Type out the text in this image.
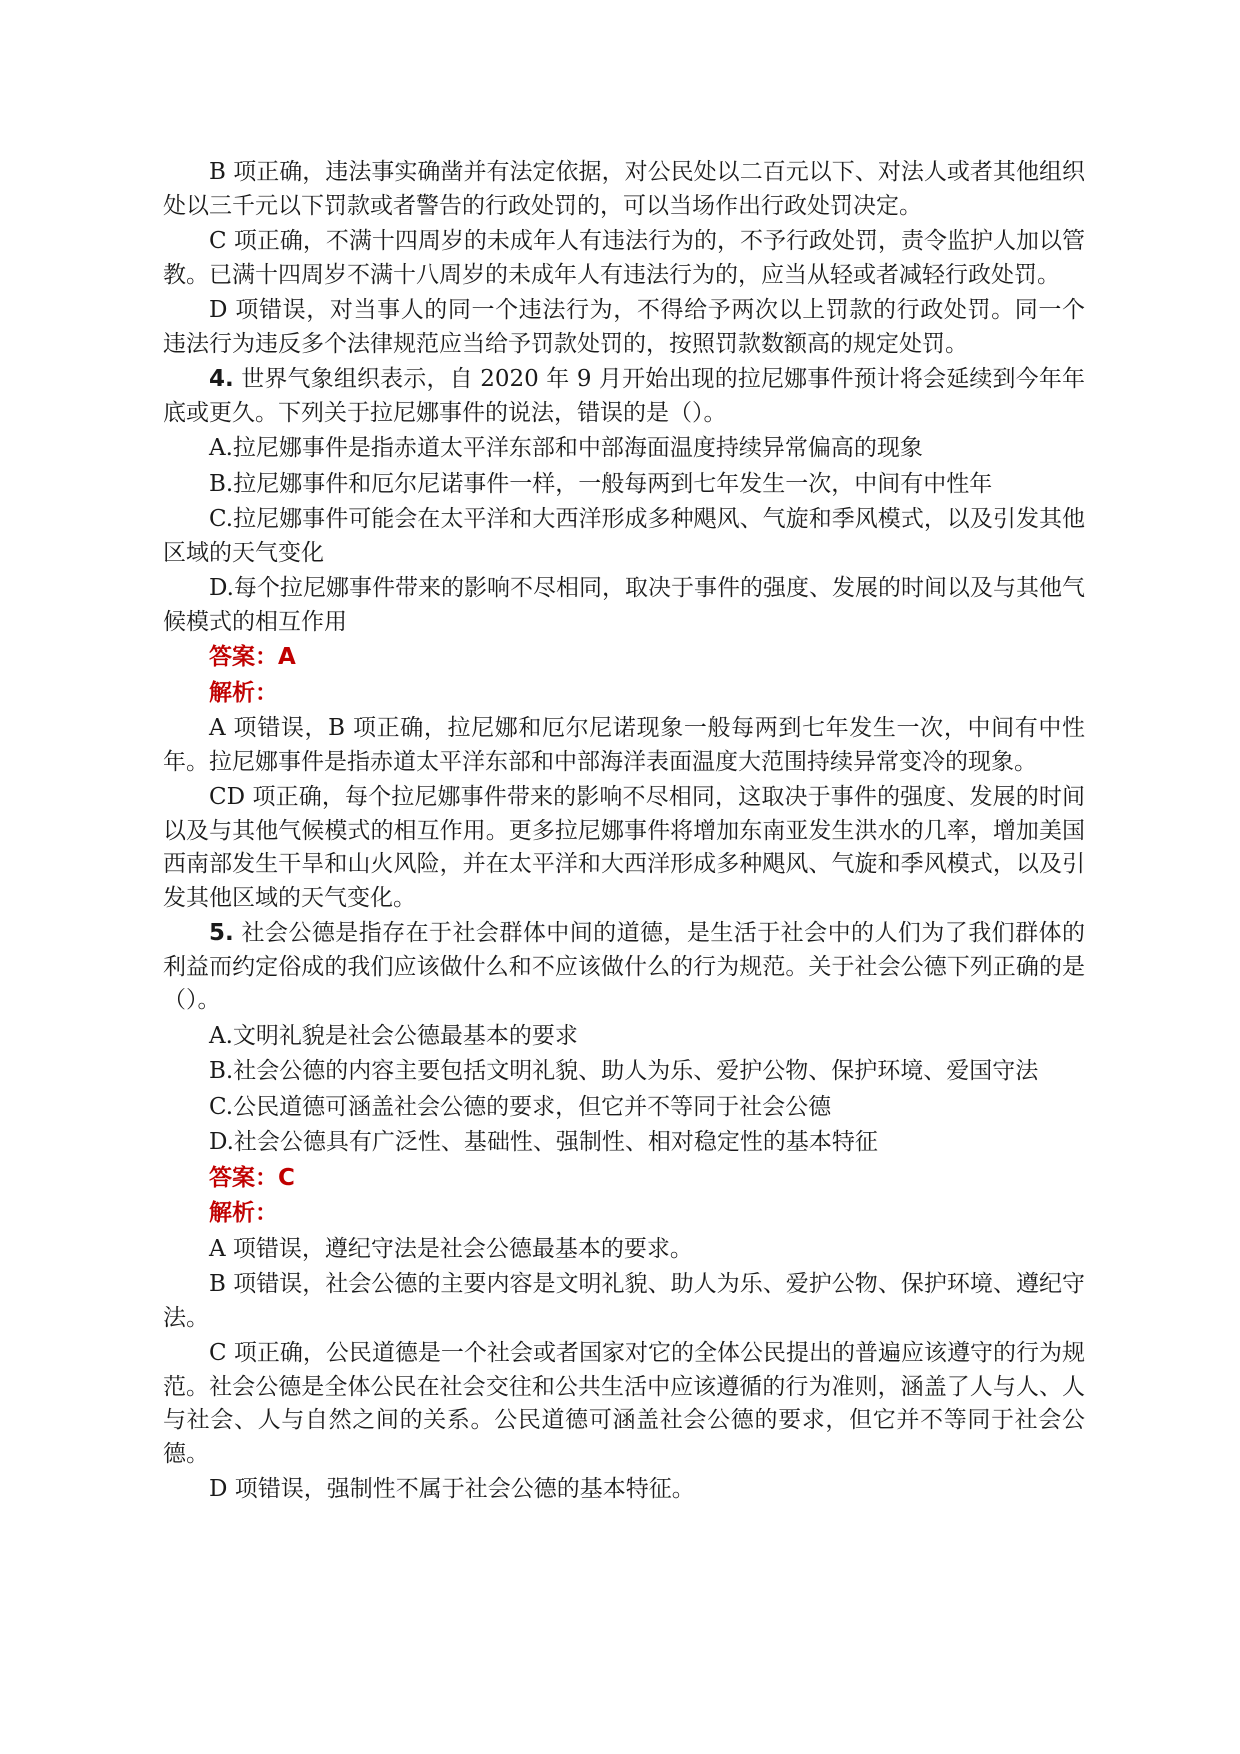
B 项正确，违法事实确凿并有法定依据，对公民处以二百元以下、对法人或者其他组织处以三千元以下罚款或者警告的行政处罚的，可以当场作出行政处罚决定。

C 项正确，不满十四周岁的未成年人有违法行为的，不予行政处罚，责令监护人加以管教。已满十四周岁不满十八周岁的未成年人有违法行为的，应当从轻或者减轻行政处罚。

D 项错误，对当事人的同一个违法行为，不得给予两次以上罚款的行政处罚。同一个违法行为违反多个法律规范应当给予罚款处罚的，按照罚款数额高的规定处罚。

4. 世界气象组织表示，自 2020 年 9 月开始出现的拉尼娜事件预计将会延续到今年年底或更久。下列关于拉尼娜事件的说法，错误的是（）。

A.拉尼娜事件是指赤道太平洋东部和中部海面温度持续异常偏高的现象

B.拉尼娜事件和厄尔尼诺事件一样，一般每两到七年发生一次，中间有中性年

C.拉尼娜事件可能会在太平洋和大西洋形成多种飓风、气旋和季风模式，以及引发其他区域的天气变化

D.每个拉尼娜事件带来的影响不尽相同，取决于事件的强度、发展的时间以及与其他气候模式的相互作用

答案：A

解析：

A 项错误，B 项正确，拉尼娜和厄尔尼诺现象一般每两到七年发生一次，中间有中性年。拉尼娜事件是指赤道太平洋东部和中部海洋表面温度大范围持续异常变冷的现象。

CD 项正确，每个拉尼娜事件带来的影响不尽相同，这取决于事件的强度、发展的时间以及与其他气候模式的相互作用。更多拉尼娜事件将增加东南亚发生洪水的几率，增加美国西南部发生干旱和山火风险，并在太平洋和大西洋形成多种飓风、气旋和季风模式，以及引发其他区域的天气变化。

5. 社会公德是指存在于社会群体中间的道德，是生活于社会中的人们为了我们群体的利益而约定俗成的我们应该做什么和不应该做什么的行为规范。关于社会公德下列正确的是（）。

A.文明礼貌是社会公德最基本的要求

B.社会公德的内容主要包括文明礼貌、助人为乐、爱护公物、保护环境、爱国守法

C.公民道德可涵盖社会公德的要求，但它并不等同于社会公德

D.社会公德具有广泛性、基础性、强制性、相对稳定性的基本特征

答案：C

解析：

A 项错误，遵纪守法是社会公德最基本的要求。

B 项错误，社会公德的主要内容是文明礼貌、助人为乐、爱护公物、保护环境、遵纪守法。

C 项正确，公民道德是一个社会或者国家对它的全体公民提出的普遍应该遵守的行为规范。社会公德是全体公民在社会交往和公共生活中应该遵循的行为准则，涵盖了人与人、人与社会、人与自然之间的关系。公民道德可涵盖社会公德的要求，但它并不等同于社会公德。

D 项错误，强制性不属于社会公德的基本特征。
